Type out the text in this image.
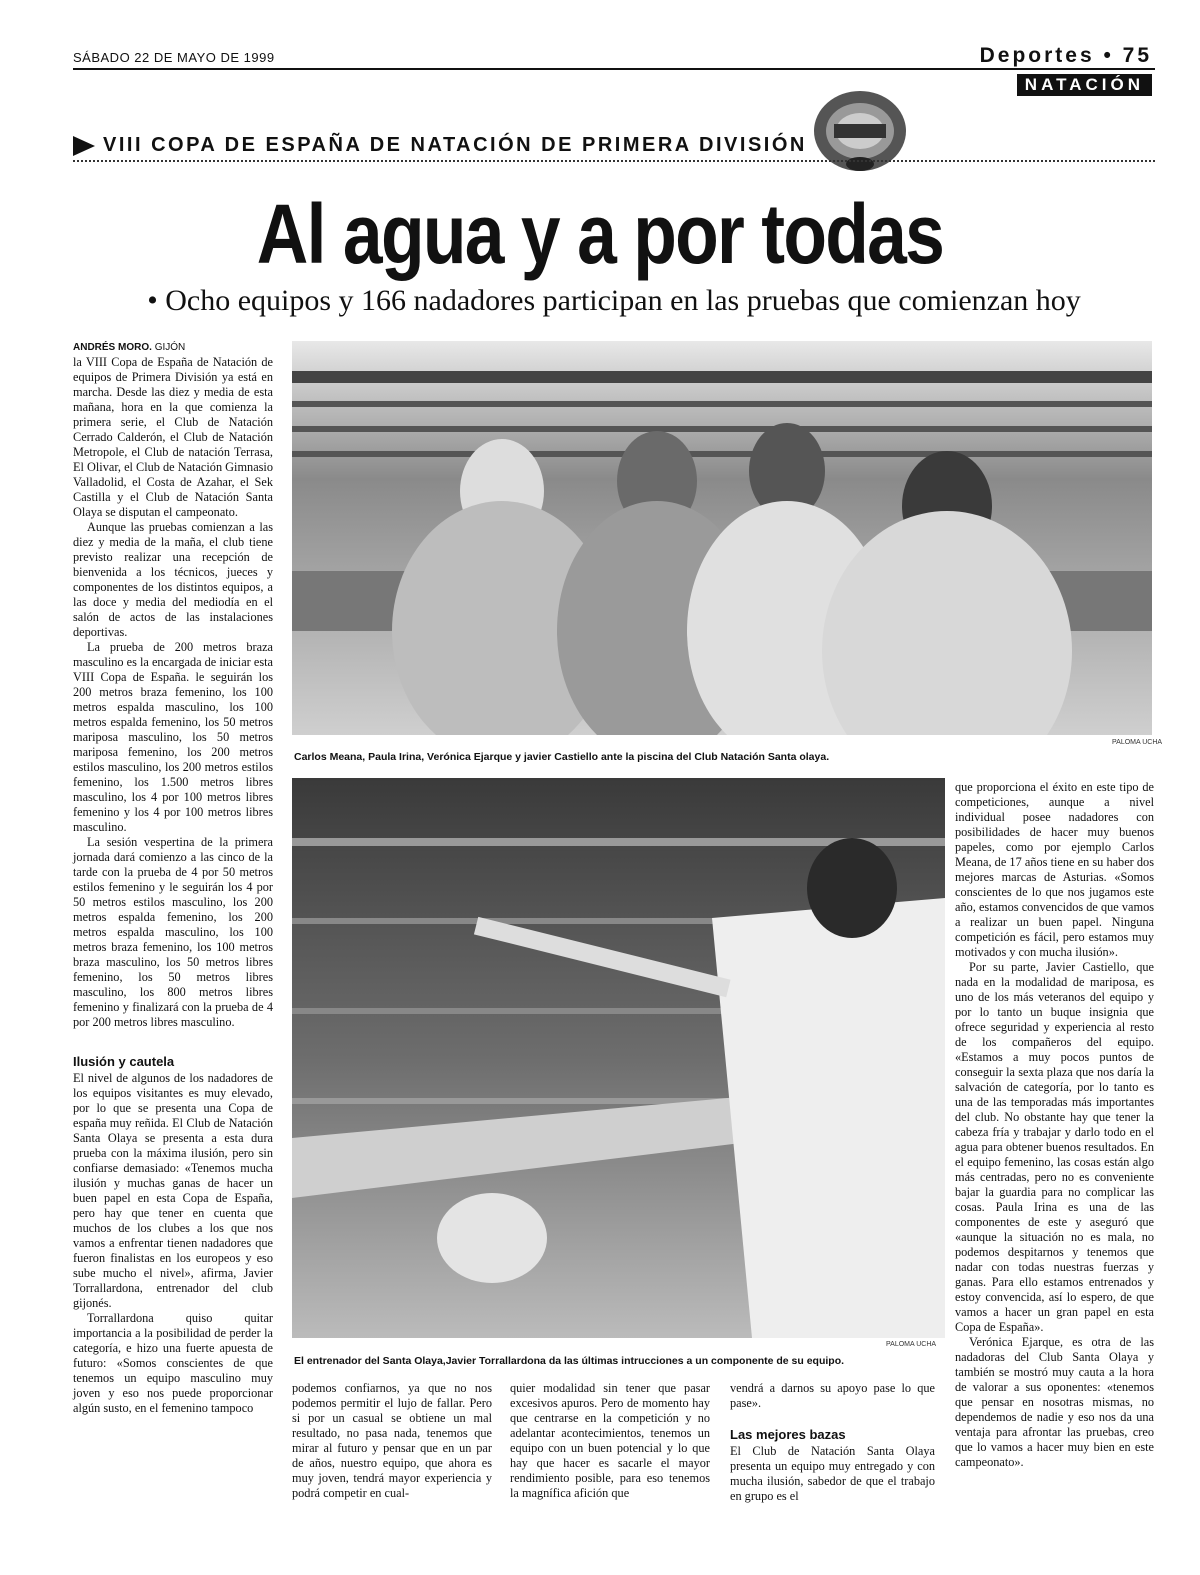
SÁBADO 22 DE MAYO DE 1999	Deportes • 75
NATACIÓN
VIII COPA DE ESPAÑA DE NATACIÓN DE PRIMERA DIVISIÓN
Al agua y a por todas
• Ocho equipos y 166 nadadores participan en las pruebas que comienzan hoy
ANDRÉS MORO. GIJÓN

la VIII Copa de España de Natación de equipos de Primera División ya está en marcha. Desde las diez y media de esta mañana, hora en la que comienza la primera serie, el Club de Natación Cerrado Calderón, el Club de Natación Metropole, el Club de natación Terrasa, El Olivar, el Club de Natación Gimnasio Valladolid, el Costa de Azahar, el Sek Castilla y el Club de Natación Santa Olaya se disputan el campeonato.

Aunque las pruebas comienzan a las diez y media de la maña, el club tiene previsto realizar una recepción de bienvenida a los técnicos, jueces y componentes de los distintos equipos, a las doce y media del mediodía en el salón de actos de las instalaciones deportivas.

La prueba de 200 metros braza masculino es la encargada de iniciar esta VIII Copa de España. le seguirán los 200 metros braza femenino, los 100 metros espalda masculino, los 100 metros espalda femenino, los 50 metros mariposa masculino, los 50 metros mariposa femenino, los 200 metros estilos masculino, los 200 metros estilos femenino, los 1.500 metros libres masculino, los 4 por 100 metros libres femenino y los 4 por 100 metros libres masculino.

La sesión vespertina de la primera jornada dará comienzo a las cinco de la tarde con la prueba de 4 por 50 metros estilos femenino y le seguirán los 4 por 50 metros estilos masculino, los 200 metros espalda femenino, los 200 metros espalda masculino, los 100 metros braza femenino, los 100 metros braza masculino, los 50 metros libres femenino, los 50 metros libres masculino, los 800 metros libres femenino y finalizará con la prueba de 4 por 200 metros libres masculino.

Ilusión y cautela

El nivel de algunos de los nadadores de los equipos visitantes es muy elevado, por lo que se presenta una Copa de españa muy reñida. El Club de Natación Santa Olaya se presenta a esta dura prueba con la máxima ilusión, pero sin confiarse demasiado: «Tenemos mucha ilusión y muchas ganas de hacer un buen papel en esta Copa de España, pero hay que tener en cuenta que muchos de los clubes a los que nos vamos a enfrentar tienen nadadores que fueron finalistas en los europeos y eso sube mucho el nivel», afirma, Javier Torrallardona, entrenador del club gijonés.

Torrallardona quiso quitar importancia a la posibilidad de perder la categoría, e hizo una fuerte apuesta de futuro: «Somos conscientes de que tenemos un equipo masculino muy joven y eso nos puede proporcionar algún susto, en el femenino tampoco

PALOMA UCHA
Carlos Meana, Paula Irina, Verónica Ejarque y javier Castiello ante la piscina del Club Natación Santa olaya.
PALOMA UCHA
El entrenador del Santa Olaya,Javier Torrallardona da las últimas intrucciones a un componente de su equipo.

podemos confiarnos, ya que no nos podemos permitir el lujo de fallar. Pero si por un casual se obtiene un mal resultado, no pasa nada, tenemos que mirar al futuro y pensar que en un par de años, nuestro equipo, que ahora es muy joven, tendrá mayor experiencia y podrá competir en cual-

quier modalidad sin tener que pasar excesivos apuros. Pero de momento hay que centrarse en la competición y no adelantar acontecimientos, tenemos un equipo con un buen potencial y lo que hay que hacer es sacarle el mayor rendimiento posible, para eso tenemos la magnífica afición que

vendrá a darnos su apoyo pase lo que pase».

Las mejores bazas

El Club de Natación Santa Olaya presenta un equipo muy entregado y con mucha ilusión, sabedor de que el trabajo en grupo es el

que proporciona el éxito en este tipo de competiciones, aunque a nivel individual posee nadadores con posibilidades de hacer muy buenos papeles, como por ejemplo Carlos Meana, de 17 años tiene en su haber dos mejores marcas de Asturias. «Somos conscientes de lo que nos jugamos este año, estamos convencidos de que vamos a realizar un buen papel. Ninguna competición es fácil, pero estamos muy motivados y con mucha ilusión».

Por su parte, Javier Castiello, que nada en la modalidad de mariposa, es uno de los más veteranos del equipo y por lo tanto un buque insignia que ofrece seguridad y experiencia al resto de los compañeros del equipo. «Estamos a muy pocos puntos de conseguir la sexta plaza que nos daría la salvación de categoría, por lo tanto es una de las temporadas más importantes del club. No obstante hay que tener la cabeza fría y trabajar y darlo todo en el agua para obtener buenos resultados. En el equipo femenino, las cosas están algo más centradas, pero no es conveniente bajar la guardia para no complicar las cosas. Paula Irina es una de las componentes de este y aseguró que «aunque la situación no es mala, no podemos despitarnos y tenemos que nadar con todas nuestras fuerzas y ganas. Para ello estamos entrenados y estoy convencida, así lo espero, de que vamos a hacer un gran papel en esta Copa de España».

Verónica Ejarque, es otra de las nadadoras del Club Santa Olaya y también se mostró muy cauta a la hora de valorar a sus oponentes: «tenemos que pensar en nosotras mismas, no dependemos de nadie y eso nos da una ventaja para afrontar las pruebas, creo que lo vamos a hacer muy bien en este campeonato».
